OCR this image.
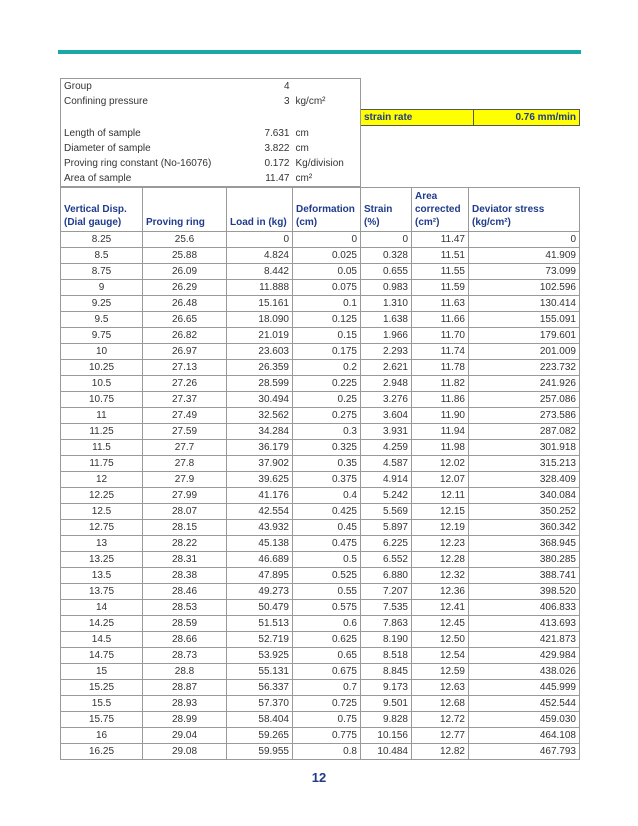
Group	4			
Confining pressure	3	kg/cm²		
			strain rate	0.76 mm/min
Length of sample	7.631	cm		
Diameter of sample	3.822	cm		
Proving ring constant (No-16076)	0.172	Kg/division		
Area of sample	11.47	cm²		
Vertical Disp. (Dial gauge)	Proving ring	Load in (kg)	Deformation (cm)	Strain (%)	Area corrected (cm²)	Deviator stress (kg/cm²)
8.25	25.6	0	0	0	11.47	0
8.5	25.88	4.824	0.025	0.328	11.51	41.909
8.75	26.09	8.442	0.05	0.655	11.55	73.099
9	26.29	11.888	0.075	0.983	11.59	102.596
9.25	26.48	15.161	0.1	1.310	11.63	130.414
9.5	26.65	18.090	0.125	1.638	11.66	155.091
9.75	26.82	21.019	0.15	1.966	11.70	179.601
10	26.97	23.603	0.175	2.293	11.74	201.009
10.25	27.13	26.359	0.2	2.621	11.78	223.732
10.5	27.26	28.599	0.225	2.948	11.82	241.926
10.75	27.37	30.494	0.25	3.276	11.86	257.086
11	27.49	32.562	0.275	3.604	11.90	273.586
11.25	27.59	34.284	0.3	3.931	11.94	287.082
11.5	27.7	36.179	0.325	4.259	11.98	301.918
11.75	27.8	37.902	0.35	4.587	12.02	315.213
12	27.9	39.625	0.375	4.914	12.07	328.409
12.25	27.99	41.176	0.4	5.242	12.11	340.084
12.5	28.07	42.554	0.425	5.569	12.15	350.252
12.75	28.15	43.932	0.45	5.897	12.19	360.342
13	28.22	45.138	0.475	6.225	12.23	368.945
13.25	28.31	46.689	0.5	6.552	12.28	380.285
13.5	28.38	47.895	0.525	6.880	12.32	388.741
13.75	28.46	49.273	0.55	7.207	12.36	398.520
14	28.53	50.479	0.575	7.535	12.41	406.833
14.25	28.59	51.513	0.6	7.863	12.45	413.693
14.5	28.66	52.719	0.625	8.190	12.50	421.873
14.75	28.73	53.925	0.65	8.518	12.54	429.984
15	28.8	55.131	0.675	8.845	12.59	438.026
15.25	28.87	56.337	0.7	9.173	12.63	445.999
15.5	28.93	57.370	0.725	9.501	12.68	452.544
15.75	28.99	58.404	0.75	9.828	12.72	459.030
16	29.04	59.265	0.775	10.156	12.77	464.108
16.25	29.08	59.955	0.8	10.484	12.82	467.793
12
